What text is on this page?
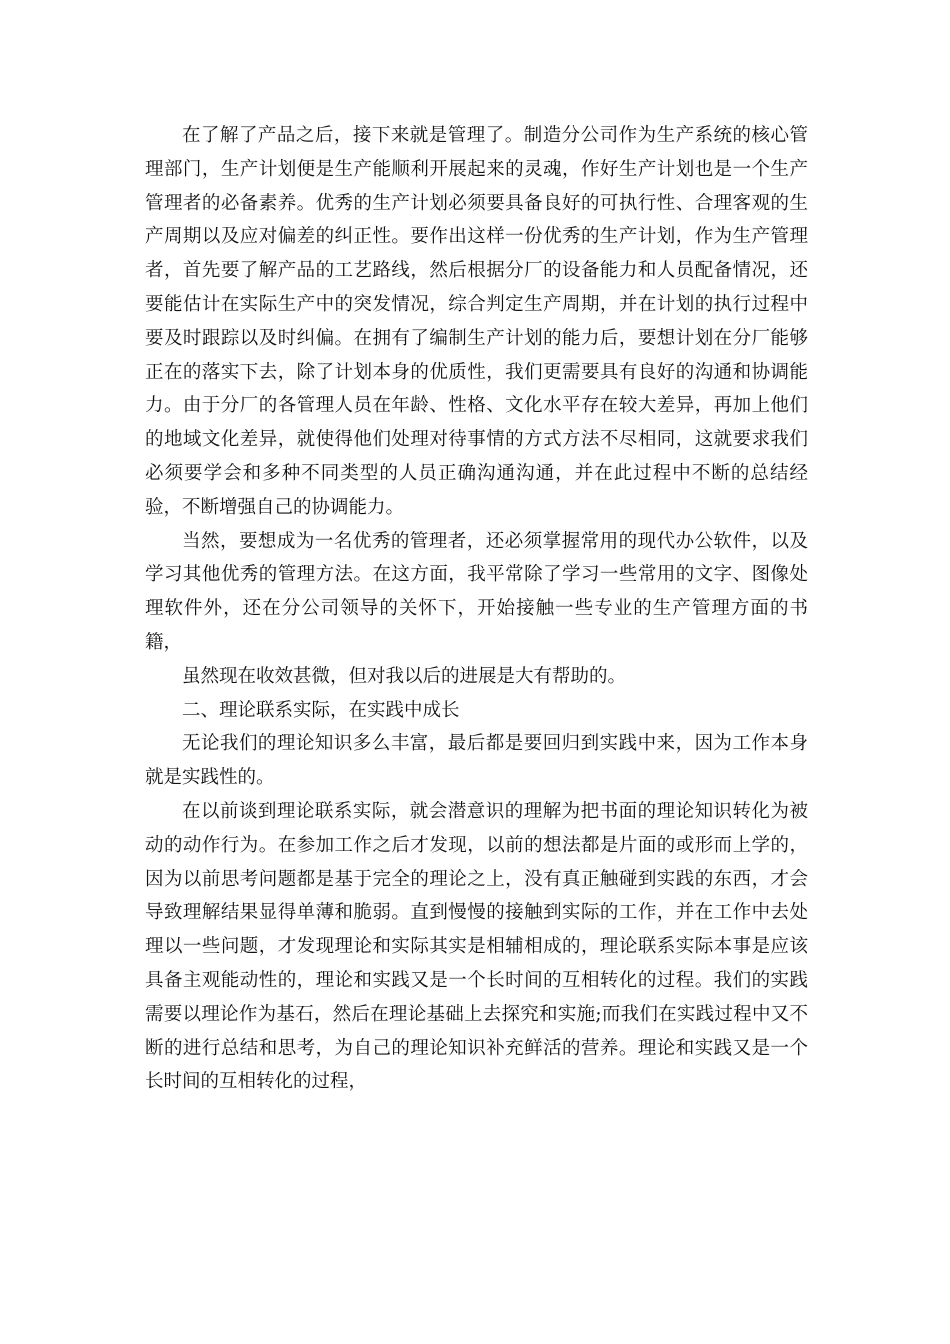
在了解了产品之后，接下来就是管理了。制造分公司作为生产系统的核心管理部门，生产计划便是生产能顺利开展起来的灵魂，作好生产计划也是一个生产管理者的必备素养。优秀的生产计划必须要具备良好的可执行性、合理客观的生产周期以及应对偏差的纠正性。要作出这样一份优秀的生产计划，作为生产管理者，首先要了解产品的工艺路线，然后根据分厂的设备能力和人员配备情况，还要能估计在实际生产中的突发情况，综合判定生产周期，并在计划的执行过程中要及时跟踪以及时纠偏。在拥有了编制生产计划的能力后，要想计划在分厂能够正在的落实下去，除了计划本身的优质性，我们更需要具有良好的沟通和协调能力。由于分厂的各管理人员在年龄、性格、文化水平存在较大差异，再加上他们的地域文化差异，就使得他们处理对待事情的方式方法不尽相同，这就要求我们必须要学会和多种不同类型的人员正确沟通沟通，并在此过程中不断的总结经验，不断增强自己的协调能力。

当然，要想成为一名优秀的管理者，还必须掌握常用的现代办公软件，以及学习其他优秀的管理方法。在这方面，我平常除了学习一些常用的文字、图像处理软件外，还在分公司领导的关怀下，开始接触一些专业的生产管理方面的书籍，

虽然现在收效甚微，但对我以后的进展是大有帮助的。

二、理论联系实际，在实践中成长

无论我们的理论知识多么丰富，最后都是要回归到实践中来，因为工作本身就是实践性的。

在以前谈到理论联系实际，就会潜意识的理解为把书面的理论知识转化为被动的动作行为。在参加工作之后才发现，以前的想法都是片面的或形而上学的，因为以前思考问题都是基于完全的理论之上，没有真正触碰到实践的东西，才会导致理解结果显得单薄和脆弱。直到慢慢的接触到实际的工作，并在工作中去处理以一些问题，才发现理论和实际其实是相辅相成的，理论联系实际本事是应该具备主观能动性的，理论和实践又是一个长时间的互相转化的过程。我们的实践需要以理论作为基石，然后在理论基础上去探究和实施;而我们在实践过程中又不断的进行总结和思考，为自己的理论知识补充鲜活的营养。理论和实践又是一个长时间的互相转化的过程，
